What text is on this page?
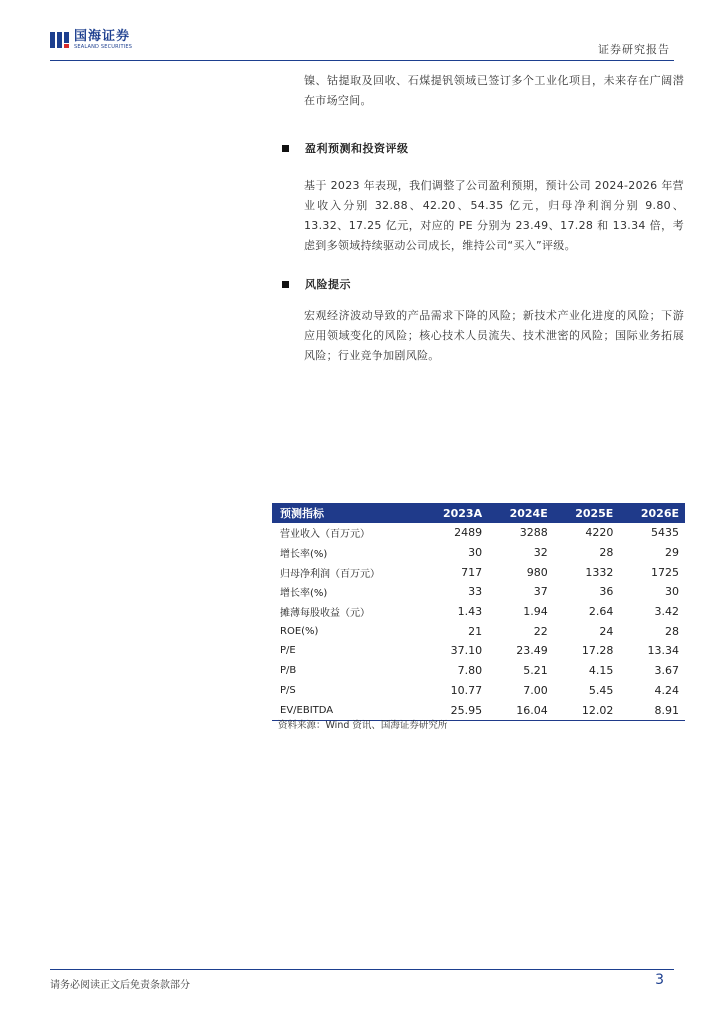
国海证券
SEALAND SECURITIES	证券研究报告

镍、钴提取及回收、石煤提钒领域已签订多个工业化项目，未来存在广阔潜在市场空间。

盈利预测和投资评级

基于 2023 年表现，我们调整了公司盈利预期，预计公司 2024-2026 年营业收入分别 32.88、42.20、54.35 亿元，归母净利润分别 9.80、13.32、17.25 亿元，对应的 PE 分别为 23.49、17.28 和 13.34 倍，考虑到多领域持续驱动公司成长，维持公司“买入”评级。

风险提示

宏观经济波动导致的产品需求下降的风险；新技术产业化进度的风险；下游应用领域变化的风险；核心技术人员流失、技术泄密的风险；国际业务拓展风险；行业竞争加剧风险。

预测指标	2023A	2024E	2025E	2026E
营业收入（百万元）	2489	3288	4220	5435
增长率(%)	30	32	28	29
归母净利润（百万元）	717	980	1332	1725
增长率(%)	33	37	36	30
摊薄每股收益（元）	1.43	1.94	2.64	3.42
ROE(%)	21	22	24	28
P/E	37.10	23.49	17.28	13.34
P/B	7.80	5.21	4.15	3.67
P/S	10.77	7.00	5.45	4.24
EV/EBITDA	25.95	16.04	12.02	8.91
资料来源：Wind 资讯、国海证券研究所
请务必阅读正文后免责条款部分	3
